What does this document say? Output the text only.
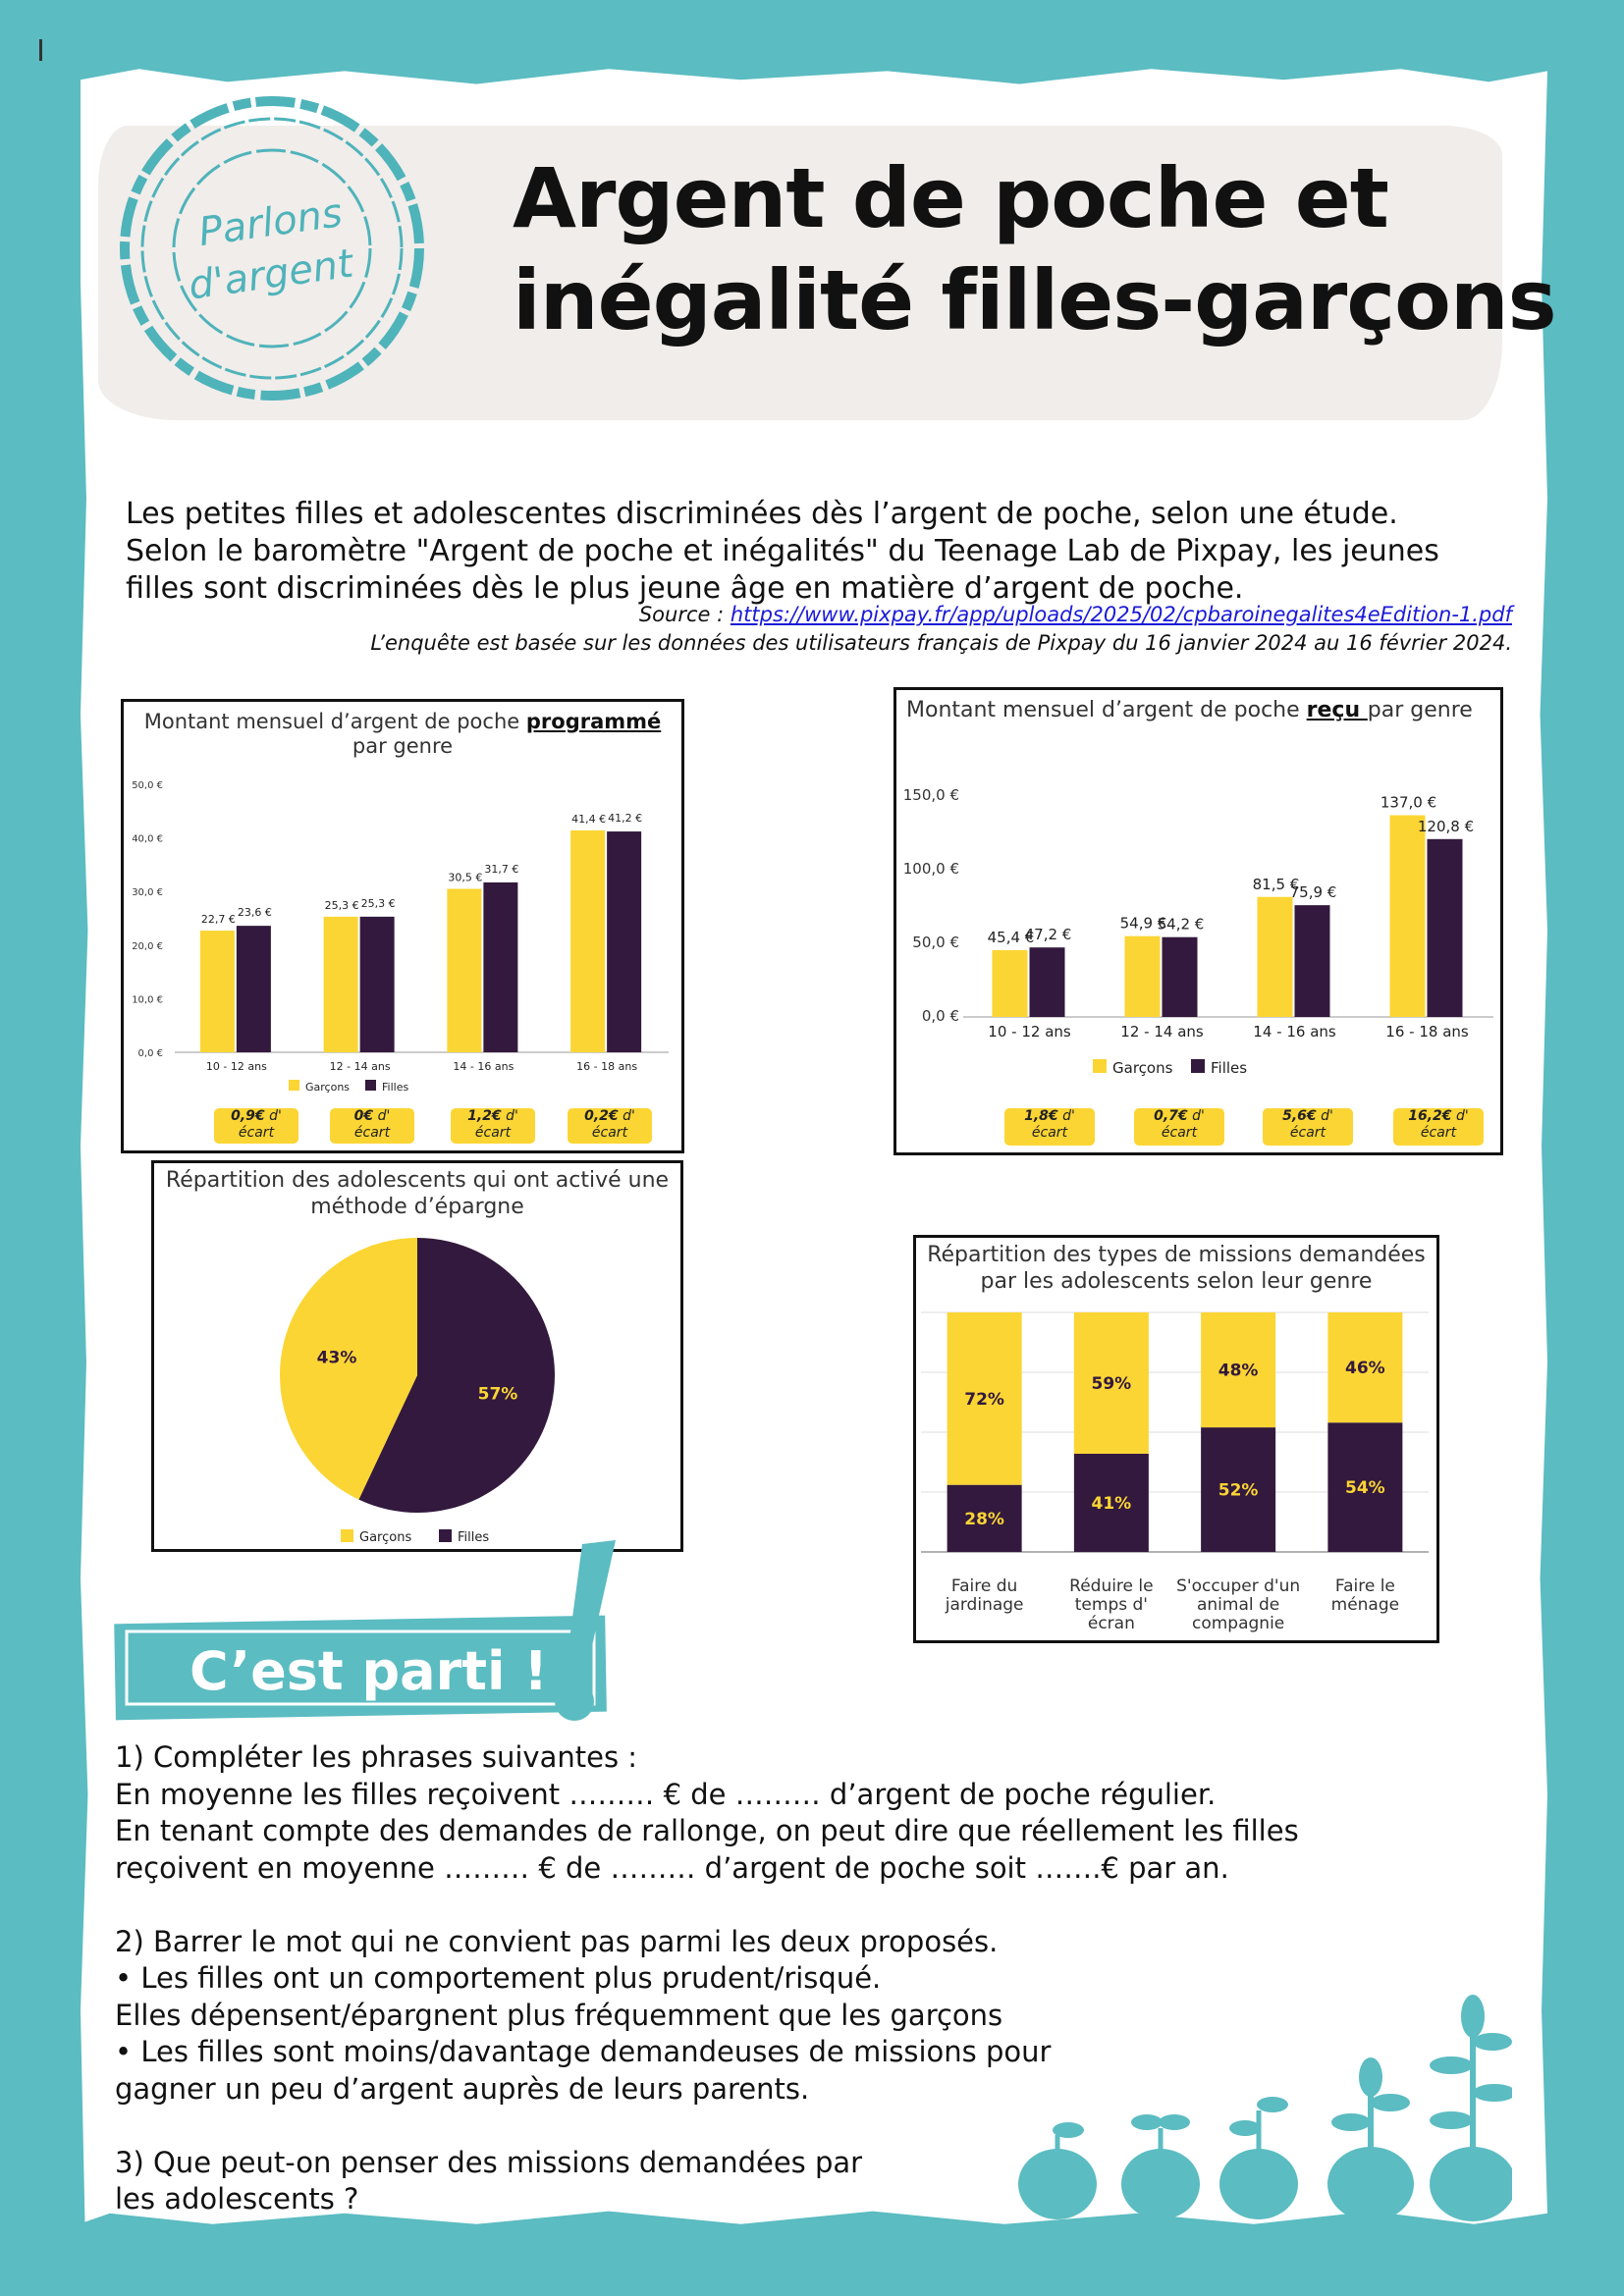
Parlons
d'argent
Argent de poche et
inégalité filles-garçons

Les petites filles et adolescentes discriminées dès l’argent de poche, selon une étude.

Selon le baromètre "Argent de poche et inégalités" du Teenage Lab de Pixpay, les jeunes

filles sont discriminées dès le plus jeune âge en matière d’argent de poche.

Source : https://www.pixpay.fr/app/uploads/2025/02/cpbaroinegalites4eEdition-1.pdf
L’enquête est basée sur les données des utilisateurs français de Pixpay du 16 janvier 2024 au 16 février 2024.
Montant mensuel d’argent de poche programmé
par genre
0,0 €
10,0 €
20,0 €
30,0 €
40,0 €
50,0 €
22,7 €
23,6 €
10 - 12 ans
25,3 € 25,3 €
12 - 14 ans
30,5 €
31,7 €
14 - 16 ans
41,4 € 41,2 €
16 - 18 ans
Garçons	Filles
0,9€ d'
écart
0€ d'
écart
1,2€ d'
écart
0,2€ d'
écart
Montant mensuel d’argent de poche reçu par genre
0,0 €
50,0 €
100,0 €
150,0 €
45,4 €
47,2 €
10 - 12 ans
54,9 €
54,2 €
12 - 14 ans
81,5 €
75,9 €
14 - 16 ans
137,0 €
120,8 €
16 - 18 ans
Garçons	Filles
1,8€ d'
écart
0,7€ d'
écart
5,6€ d'
écart
16,2€ d'
écart
Répartition des adolescents qui ont activé une
méthode d’épargne
57%
43%
Garçons	Filles
Répartition des types de missions demandées
par les adolescents selon leur genre
72%
28%
Faire du
jardinage
59%
41%
Réduire le
temps d'
écran
48%
52%
S'occuper d'un
animal de
compagnie
46%
54%
Faire le
ménage
C’est parti !
1) Compléter les phrases suivantes :
En moyenne les filles reçoivent ……… € de ……… d’argent de poche régulier.
En tenant compte des demandes de rallonge, on peut dire que réellement les filles
reçoivent en moyenne ……… € de ……… d’argent de poche soit …….€ par an.
2) Barrer le mot qui ne convient pas parmi les deux proposés.
• Les filles ont un comportement plus prudent/risqué.
Elles dépensent/épargnent plus fréquemment que les garçons
• Les filles sont moins/davantage demandeuses de missions pour
gagner un peu d’argent auprès de leurs parents.
3) Que peut-on penser des missions demandées par
les adolescents ?
